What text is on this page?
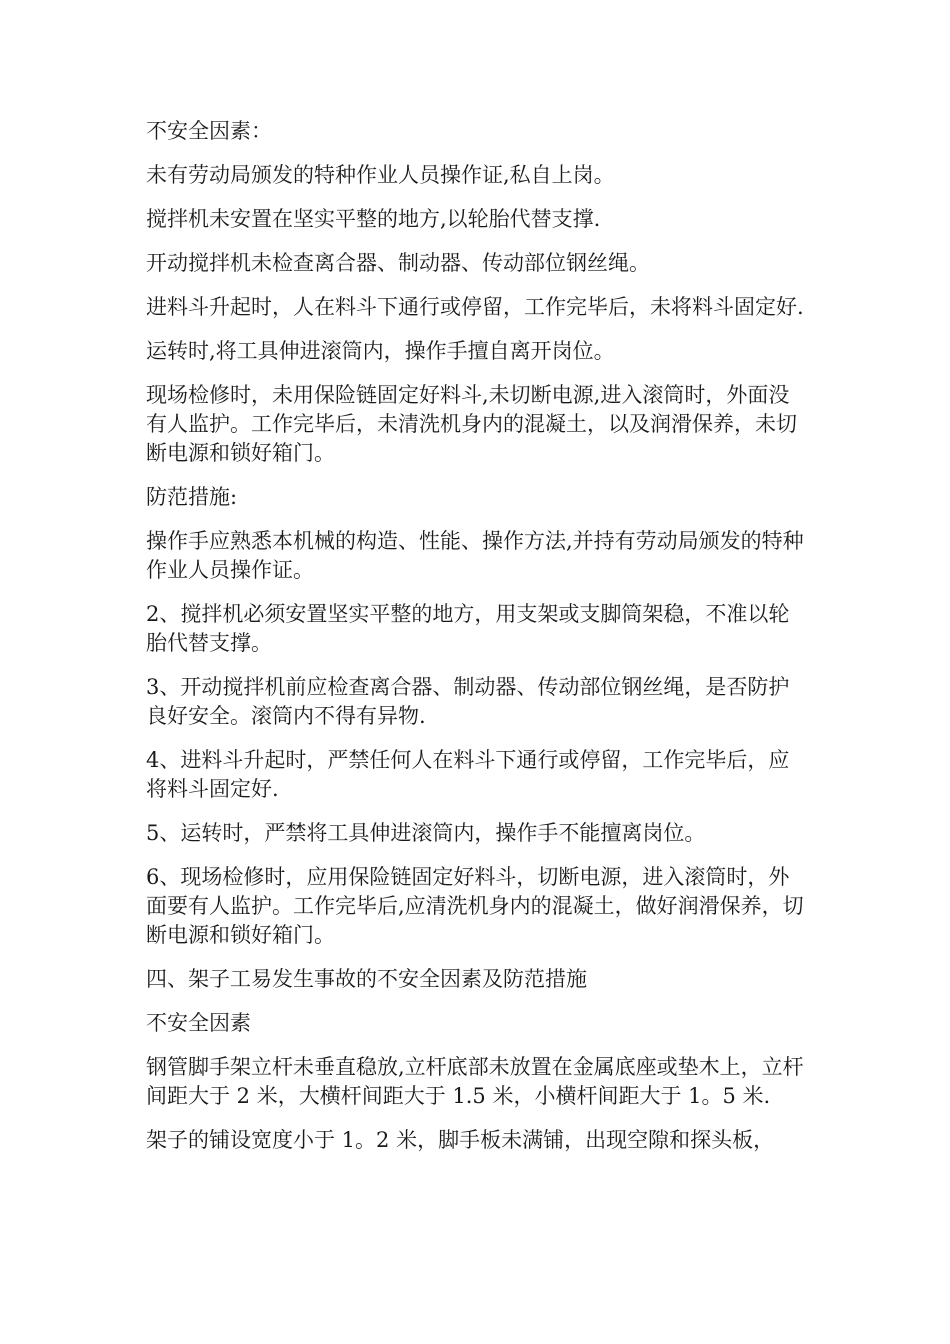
不安全因素：

未有劳动局颁发的特种作业人员操作证,私自上岗。

搅拌机未安置在坚实平整的地方,以轮胎代替支撑.

开动搅拌机未检查离合器、制动器、传动部位钢丝绳。

进料斗升起时，人在料斗下通行或停留，工作完毕后，未将料斗固定好.

运转时,将工具伸进滚筒内，操作手擅自离开岗位。

现场检修时，未用保险链固定好料斗,未切断电源,进入滚筒时，外面没有人监护。工作完毕后，未清洗机身内的混凝土，以及润滑保养，未切断电源和锁好箱门。

防范措施:

操作手应熟悉本机械的构造、性能、操作方法,并持有劳动局颁发的特种作业人员操作证。

2、搅拌机必须安置坚实平整的地方，用支架或支脚筒架稳，不准以轮胎代替支撑。

3、开动搅拌机前应检查离合器、制动器、传动部位钢丝绳，是否防护良好安全。滚筒内不得有异物.

4、进料斗升起时，严禁任何人在料斗下通行或停留，工作完毕后，应将料斗固定好.

5、运转时，严禁将工具伸进滚筒内，操作手不能擅离岗位。

6、现场检修时，应用保险链固定好料斗，切断电源，进入滚筒时，外面要有人监护。工作完毕后,应清洗机身内的混凝土，做好润滑保养，切断电源和锁好箱门。

四、架子工易发生事故的不安全因素及防范措施

不安全因素

钢管脚手架立杆未垂直稳放,立杆底部未放置在金属底座或垫木上，立杆间距大于 2 米，大横杆间距大于 1.5 米，小横杆间距大于 1。5 米.

架子的铺设宽度小于 1。2 米，脚手板未满铺，出现空隙和探头板，
